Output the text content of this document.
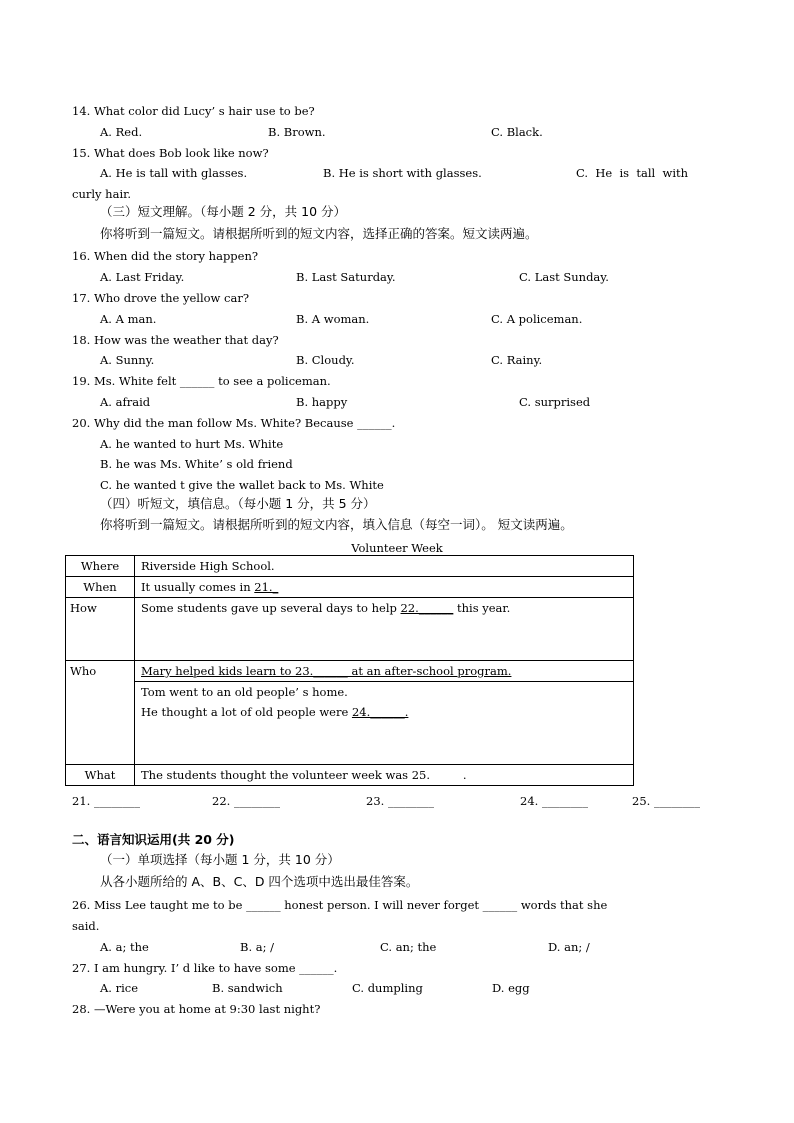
14. What color did Lucy’ s hair use to be?
A. Red.	B. Brown.	C. Black.
15. What does Bob look like now?
A. He is tall with glasses.	B. He is short with glasses.	C.  He  is  tall  with
curly hair.
（三）短文理解。（每小题 2 分，共 10 分）
你将听到一篇短文。请根据所听到的短文内容，选择正确的答案。短文读两遍。
16. When did the story happen?
A. Last Friday.	B. Last Saturday.	C. Last Sunday.
17. Who drove the yellow car?
A. A man.	B. A woman.	C. A policeman.
18. How was the weather that day?
A. Sunny.	B. Cloudy.	C. Rainy.
19. Ms. White felt ______ to see a policeman.
A. afraid	B. happy	C. surprised
20. Why did the man follow Ms. White? Because ______.
A. he wanted to hurt Ms. White
B. he was Ms. White’ s old friend
C. he wanted t give the wallet back to Ms. White
（四）听短文，填信息。（每小题 1 分，共 5 分）
你将听到一篇短文。请根据所听到的短文内容，填入信息（每空一词）。 短文读两遍。
Volunteer Week
Where	Riverside High School.
When	It usually comes in 21._
How	Some students gave up several days to help 22.______ this year.
Who	Mary helped kids learn to 23.______ at an after-school program.

	Tom went to an old people’ s home.
He thought a lot of old people were 24.______.

What	The students thought the volunteer week was 25.         .
21. ________	22. ________	23. ________	24. ________	25. ________
二、语言知识运用(共 20 分)
（一）单项选择（每小题 1 分，共 10 分）
从各小题所给的 A、B、C、D 四个选项中选出最佳答案。
26. Miss Lee taught me to be ______ honest person. I will never forget ______ words that she
said.
A. a; the	B. a; /	C. an; the	D. an; /
27. I am hungry. I’ d like to have some ______.
A. rice	B. sandwich	C. dumpling	D. egg
28. —Were you at home at 9:30 last night?
